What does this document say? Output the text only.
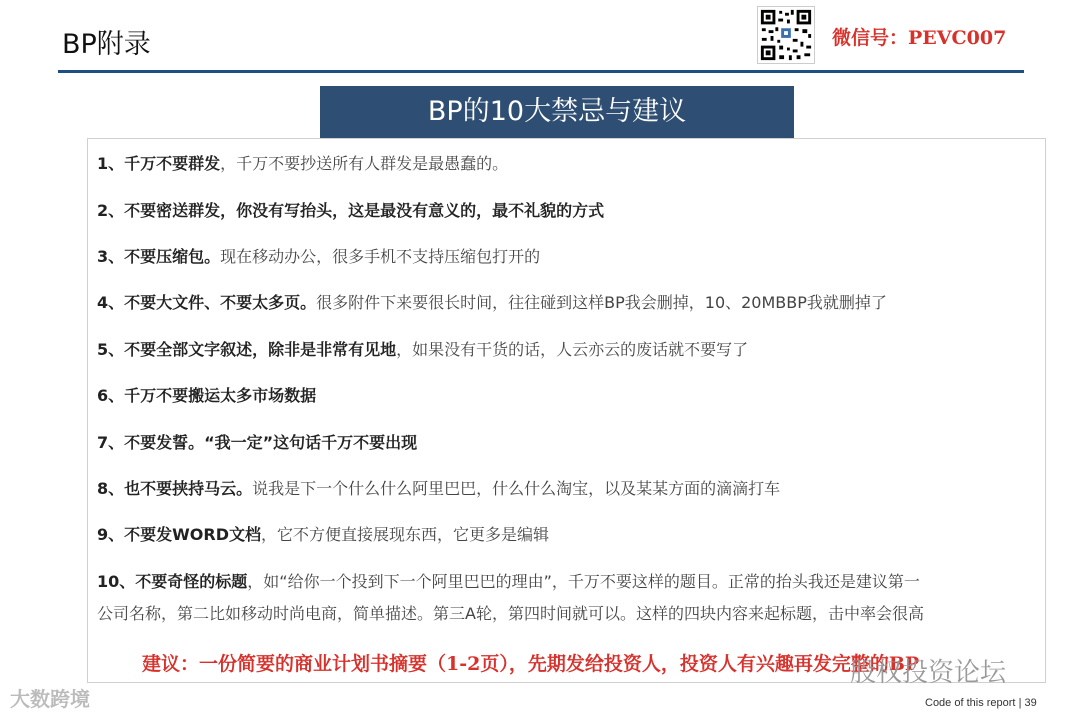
BP附录	微信号：PEVC007
BP的10大禁忌与建议
1、千万不要群发，千万不要抄送所有人群发是最愚蠢的。
2、不要密送群发，你没有写抬头，这是最没有意义的，最不礼貌的方式
3、不要压缩包。现在移动办公，很多手机不支持压缩包打开的
4、不要大文件、不要太多页。很多附件下来要很长时间，往往碰到这样BP我会删掉，10、20MBBP我就删掉了
5、不要全部文字叙述，除非是非常有见地，如果没有干货的话，人云亦云的废话就不要写了
6、千万不要搬运太多市场数据
7、不要发誓。“我一定”这句话千万不要出现
8、也不要挟持马云。说我是下一个什么什么阿里巴巴，什么什么淘宝，以及某某方面的滴滴打车
9、不要发WORD文档，它不方便直接展现东西，它更多是编辑
10、不要奇怪的标题，如“给你一个投到下一个阿里巴巴的理由”，千万不要这样的题目。正常的抬头我还是建议第一
公司名称，第二比如移动时尚电商，简单描述。第三A轮，第四时间就可以。这样的四块内容来起标题，击中率会很高
建议：一份简要的商业计划书摘要（1-2页），先期发给投资人，投资人有兴趣再发完整的BP
大数跨境
股权投资论坛
Code of this report | 39
